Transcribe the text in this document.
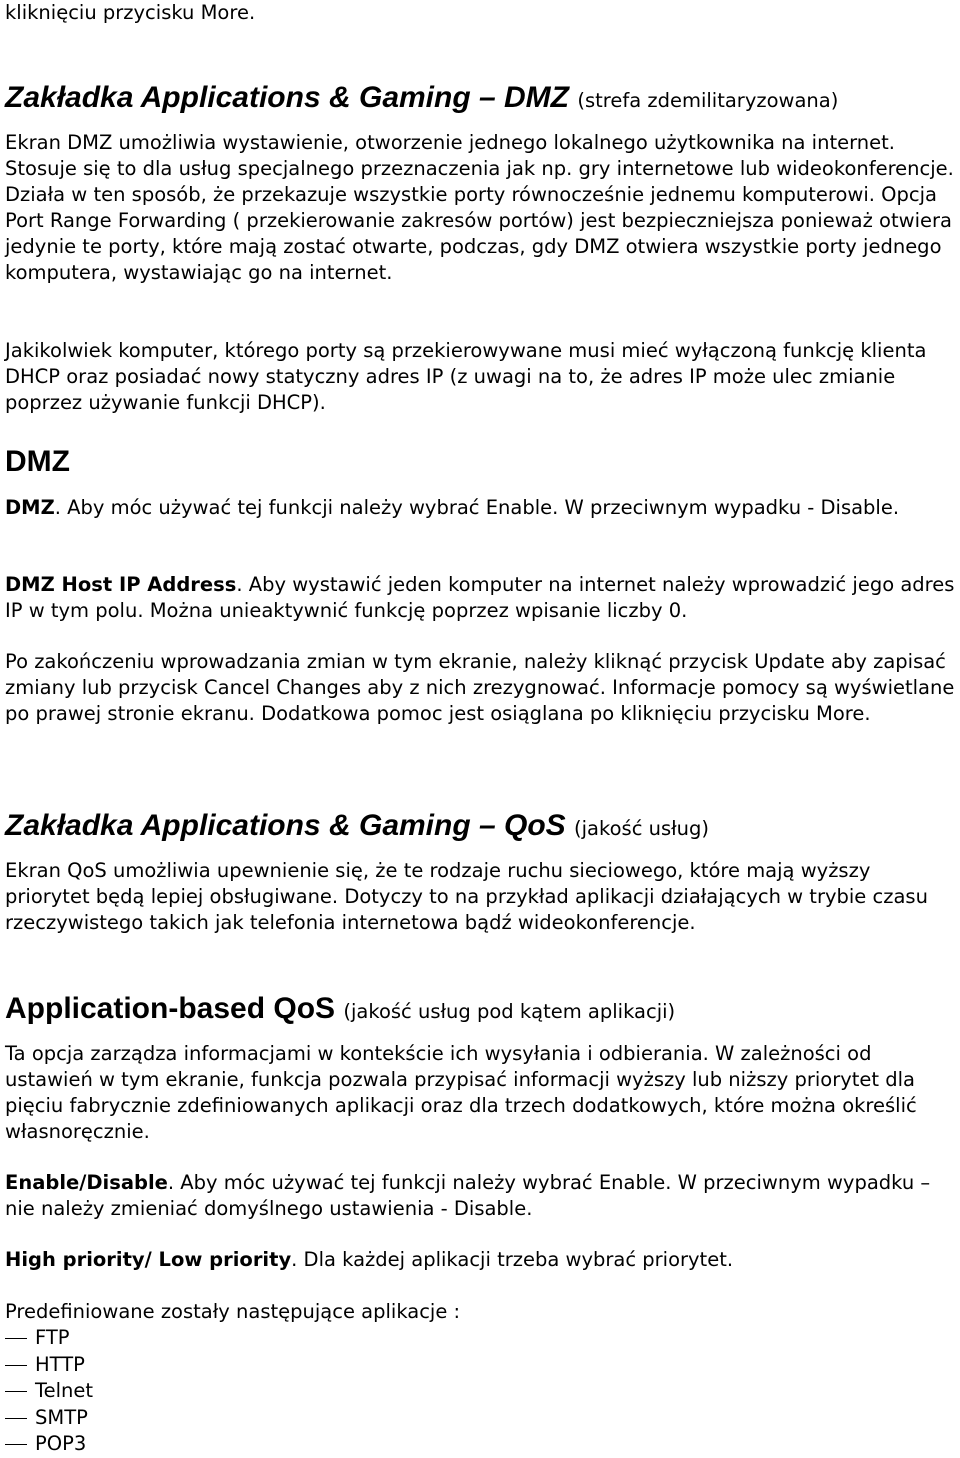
kliknięciu przycisku More.

Zakładka Applications & Gaming – DMZ (strefa zdemilitaryzowana)

Ekran DMZ umożliwia wystawienie, otworzenie jednego lokalnego użytkownika na internet. Stosuje się to dla usług specjalnego przeznaczenia jak np. gry internetowe lub wideokonferencje. Działa w ten sposób, że przekazuje wszystkie porty równocześnie jednemu komputerowi. Opcja Port Range Forwarding ( przekierowanie zakresów portów) jest bezpieczniejsza ponieważ otwiera jedynie te porty, które mają zostać otwarte, podczas, gdy DMZ otwiera wszystkie porty jednego komputera, wystawiając go na internet.

Jakikolwiek komputer, którego porty są przekierowywane musi mieć wyłączoną funkcję klienta DHCP oraz posiadać nowy statyczny adres IP (z uwagi na to, że adres IP może ulec zmianie poprzez używanie funkcji DHCP).

DMZ

DMZ. Aby móc używać tej funkcji należy wybrać Enable. W przeciwnym wypadku - Disable.

DMZ Host IP Address. Aby wystawić jeden komputer na internet należy wprowadzić jego adres IP w tym polu. Można unieaktywnić funkcję poprzez wpisanie liczby 0.

Po zakończeniu wprowadzania zmian w tym ekranie, należy kliknąć przycisk Update aby zapisać zmiany lub przycisk Cancel Changes aby z nich zrezygnować. Informacje pomocy są wyświetlane po prawej stronie ekranu. Dodatkowa pomoc jest osiąglana po kliknięciu przycisku More.

Zakładka Applications & Gaming – QoS (jakość usług)

Ekran QoS umożliwia upewnienie się, że te rodzaje ruchu sieciowego, które mają wyższy priorytet będą lepiej obsługiwane. Dotyczy to na przykład aplikacji działających w trybie czasu rzeczywistego takich jak telefonia internetowa bądź wideokonferencje.

Application-based QoS (jakość usług pod kątem aplikacji)

Ta opcja zarządza informacjami w kontekście ich wysyłania i odbierania. W zależności od ustawień w tym ekranie, funkcja pozwala przypisać informacji wyższy lub niższy priorytet dla pięciu fabrycznie zdefiniowanych aplikacji oraz dla trzech dodatkowych, które można określić własnoręcznie.

Enable/Disable. Aby móc używać tej funkcji należy wybrać Enable. W przeciwnym wypadku – nie należy zmieniać domyślnego ustawienia - Disable.

High priority/ Low priority. Dla każdej aplikacji trzeba wybrać priorytet.

Predefiniowane zostały następujące aplikacje :

FTP
HTTP
Telnet
SMTP
POP3
